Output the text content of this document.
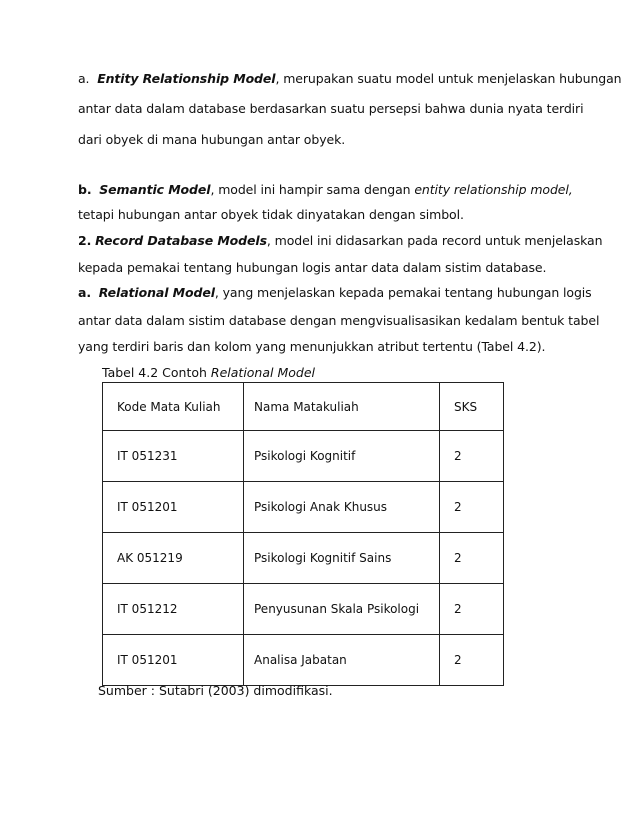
a. Entity Relationship Model, merupakan suatu model untuk menjelaskan hubungan
antar data dalam database berdasarkan suatu persepsi bahwa dunia nyata terdiri
dari obyek di mana hubungan antar obyek.
b. Semantic Model, model ini hampir sama dengan entity relationship model,
tetapi hubungan antar obyek tidak dinyatakan dengan simbol.
2. Record Database Models, model ini didasarkan pada record untuk menjelaskan
kepada pemakai tentang hubungan logis antar data dalam sistim database.
a. Relational Model, yang menjelaskan kepada pemakai tentang hubungan logis
antar data dalam sistim database dengan mengvisualisasikan kedalam bentuk tabel
yang terdiri baris dan kolom yang menunjukkan atribut tertentu (Tabel 4.2).
Tabel 4.2 Contoh Relational Model
Kode Mata Kuliah	Nama Matakuliah	SKS
IT 051231	Psikologi Kognitif	2
IT 051201	Psikologi Anak Khusus	2
AK 051219	Psikologi Kognitif Sains	2
IT 051212	Penyusunan Skala Psikologi	2
IT 051201	Analisa Jabatan	2
Sumber : Sutabri (2003) dimodifikasi.
